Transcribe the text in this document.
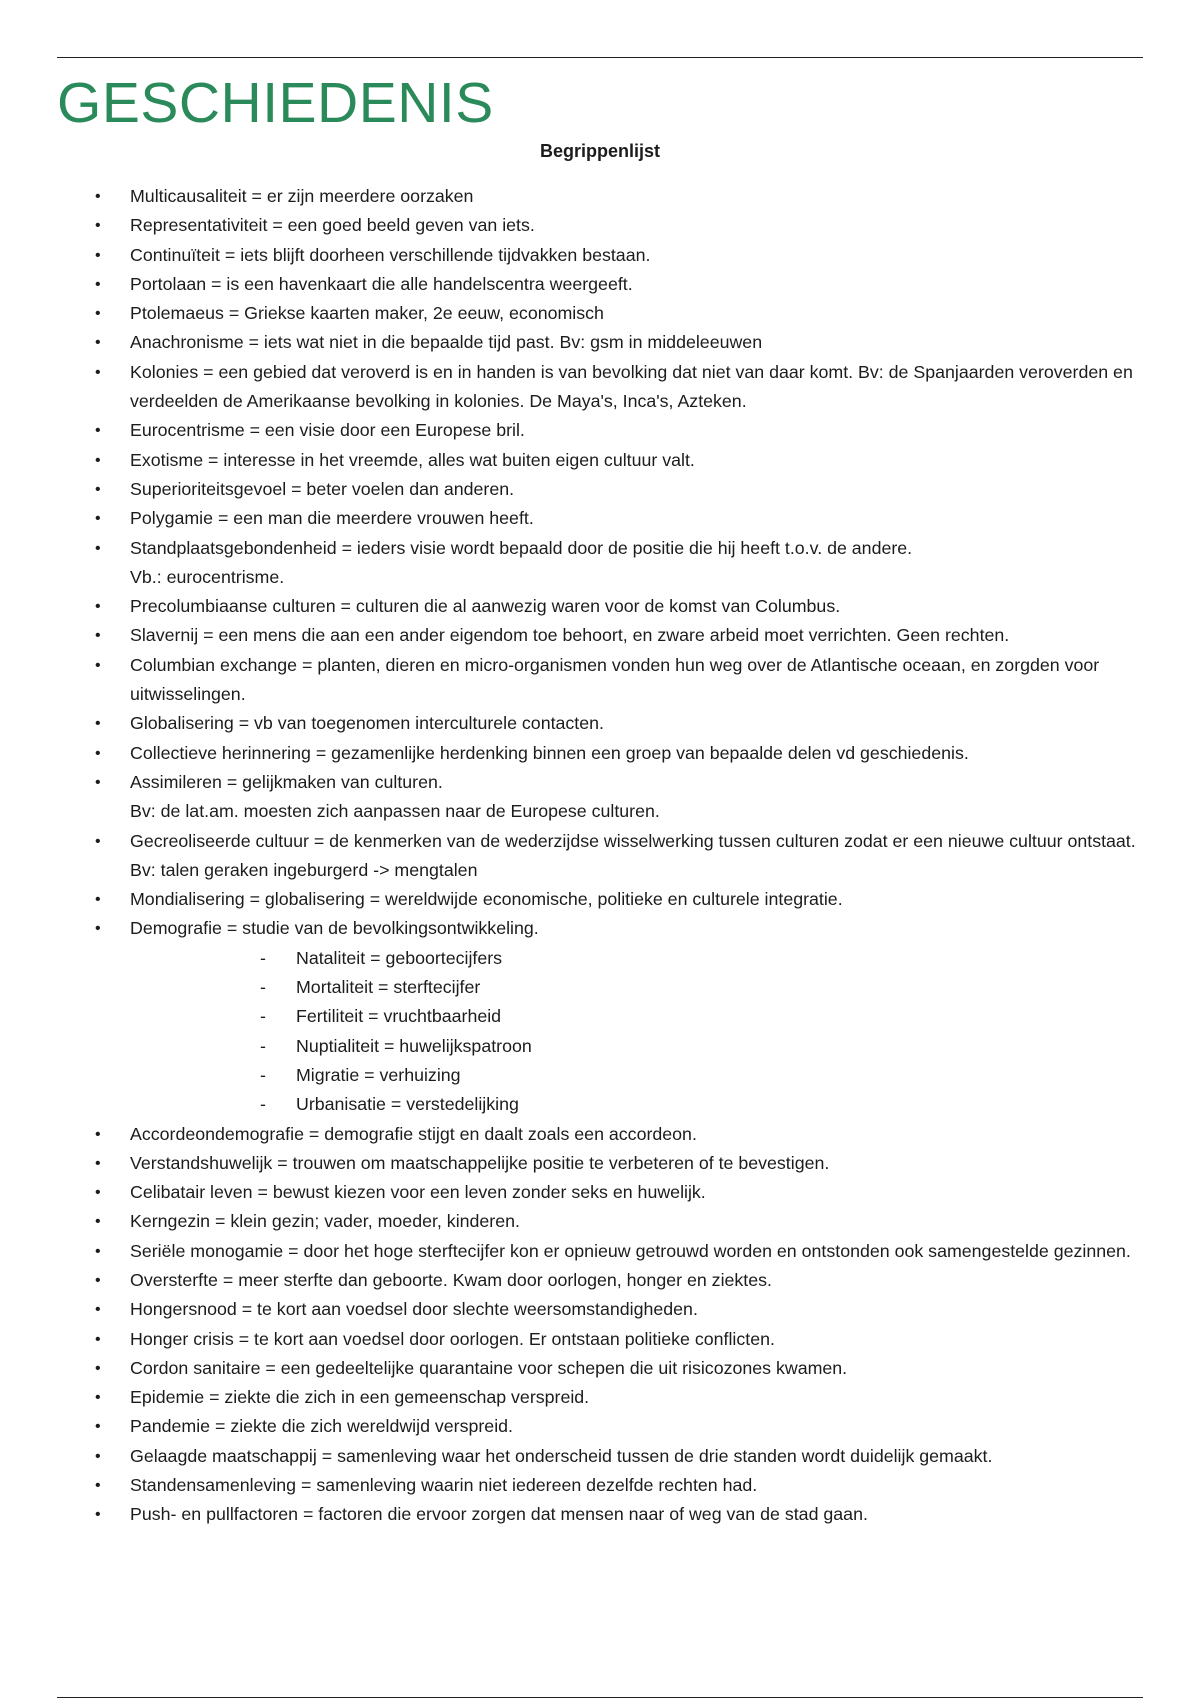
GESCHIEDENIS
Begrippenlijst
• Multicausaliteit = er zijn meerdere oorzaken
• Representativiteit = een goed beeld geven van iets.
• Continuïteit = iets blijft doorheen verschillende tijdvakken bestaan.
• Portolaan = is een havenkaart die alle handelscentra weergeeft.
• Ptolemaeus = Griekse kaarten maker, 2e eeuw, economisch
• Anachronisme = iets wat niet in die bepaalde tijd past. Bv: gsm in middeleeuwen
• Kolonies = een gebied dat veroverd is en in handen is van bevolking dat niet van daar komt. Bv: de Spanjaarden veroverden en verdeelden de Amerikaanse bevolking in kolonies. De Maya's, Inca's, Azteken.
• Eurocentrisme = een visie door een Europese bril.
• Exotisme = interesse in het vreemde, alles wat buiten eigen cultuur valt.
• Superioriteitsgevoel = beter voelen dan anderen.
• Polygamie = een man die meerdere vrouwen heeft.
• Standplaatsgebondenheid = ieders visie wordt bepaald door de positie die hij heeft t.o.v. de andere.
Vb.: eurocentrisme.
• Precolumbiaanse culturen = culturen die al aanwezig waren voor de komst van Columbus.
• Slavernij = een mens die aan een ander eigendom toe behoort, en zware arbeid moet verrichten. Geen rechten.
• Columbian exchange = planten, dieren en micro-organismen vonden hun weg over de Atlantische oceaan, en zorgden voor uitwisselingen.
• Globalisering = vb van toegenomen interculturele contacten.
• Collectieve herinnering = gezamenlijke herdenking binnen een groep van bepaalde delen vd geschiedenis.
• Assimileren = gelijkmaken van culturen.
Bv: de lat.am. moesten zich aanpassen naar de Europese culturen.
• Gecreoliseerde cultuur = de kenmerken van de wederzijdse wisselwerking tussen culturen zodat er een nieuwe cultuur ontstaat. Bv: talen geraken ingeburgerd -> mengtalen
• Mondialisering = globalisering = wereldwijde economische, politieke en culturele integratie.
• Demografie = studie van de bevolkingsontwikkeling.
- Nataliteit = geboortecijfers
- Mortaliteit = sterftecijfer
- Fertiliteit = vruchtbaarheid
- Nuptialiteit = huwelijkspatroon
- Migratie = verhuizing
- Urbanisatie = verstedelijking
• Accordeondemografie = demografie stijgt en daalt zoals een accordeon.
• Verstandshuwelijk = trouwen om maatschappelijke positie te verbeteren of te bevestigen.
• Celibatair leven = bewust kiezen voor een leven zonder seks en huwelijk.
• Kerngezin = klein gezin; vader, moeder, kinderen.
• Seriële monogamie = door het hoge sterftecijfer kon er opnieuw getrouwd worden en ontstonden ook samengestelde gezinnen.
• Oversterfte = meer sterfte dan geboorte. Kwam door oorlogen, honger en ziektes.
• Hongersnood = te kort aan voedsel door slechte weersomstandigheden.
• Honger crisis = te kort aan voedsel door oorlogen. Er ontstaan politieke conflicten.
• Cordon sanitaire = een gedeeltelijke quarantaine voor schepen die uit risicozones kwamen.
• Epidemie = ziekte die zich in een gemeenschap verspreid.
• Pandemie = ziekte die zich wereldwijd verspreid.
• Gelaagde maatschappij = samenleving waar het onderscheid tussen de drie standen wordt duidelijk gemaakt.
• Standensamenleving = samenleving waarin niet iedereen dezelfde rechten had.
• Push- en pullfactoren = factoren die ervoor zorgen dat mensen naar of weg van de stad gaan.
